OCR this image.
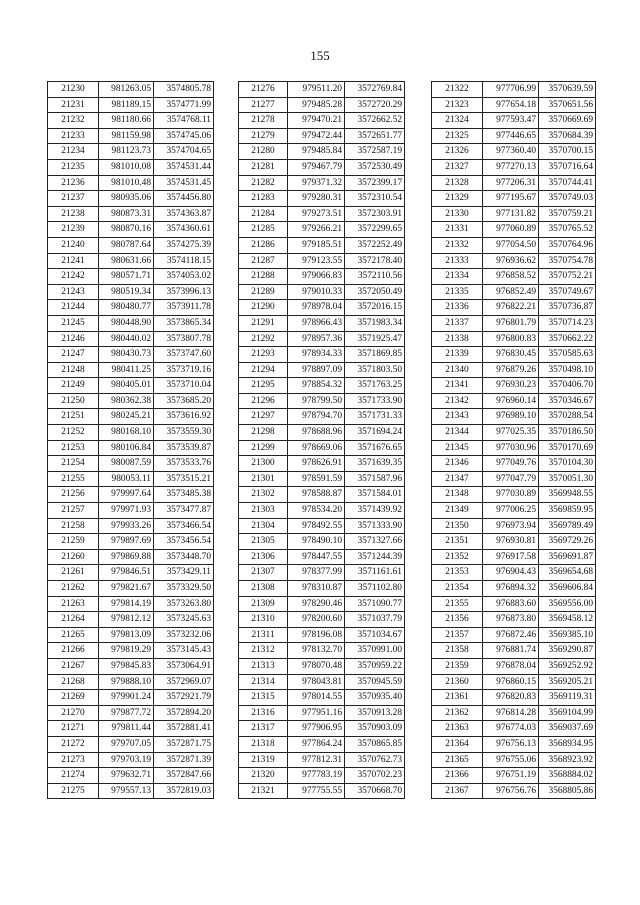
155
21230	981263.05	3574805.78
21231	981189.15	3574771.99
21232	981180.66	3574768.11
21233	981159.98	3574745.06
21234	981123.73	3574704.65
21235	981010.08	3574531.44
21236	981010.48	3574531.45
21237	980935.06	3574456.80
21238	980873.31	3574363.87
21239	980870.16	3574360.61
21240	980787.64	3574275.39
21241	980631.66	3574118.15
21242	980571.71	3574053.02
21243	980519.34	3573996.13
21244	980480.77	3573911.78
21245	980448.90	3573865.34
21246	980440.02	3573807.78
21247	980430.73	3573747.60
21248	980411.25	3573719.16
21249	980405.01	3573710.04
21250	980362.38	3573685.20
21251	980245.21	3573616.92
21252	980168.10	3573559.30
21253	980106.84	3573539.87
21254	980087.59	3573533.76
21255	980053.11	3573515.21
21256	979997.64	3573485.38
21257	979971.93	3573477.87
21258	979933.26	3573466.54
21259	979897.69	3573456.54
21260	979869.88	3573448.70
21261	979846.51	3573429.11
21262	979821.67	3573329.50
21263	979814.19	3573263.80
21264	979812.12	3573245.63
21265	979813.09	3573232.06
21266	979819.29	3573145.43
21267	979845.83	3573064.91
21268	979888.10	3572969.07
21269	979901.24	3572921.79
21270	979877.72	3572894.20
21271	979811.44	3572881.41
21272	979707.05	3572871.75
21273	979703.19	3572871.39
21274	979632.71	3572847.66
21275	979557.13	3572819.03
21276	979511.20	3572769.84
21277	979485.28	3572720.29
21278	979470.21	3572662.52
21279	979472.44	3572651.77
21280	979485.84	3572587.19
21281	979467.79	3572530.49
21282	979371.32	3572399.17
21283	979280.31	3572310.54
21284	979273.51	3572303.91
21285	979266.21	3572299.65
21286	979185.51	3572252.49
21287	979123.55	3572178.40
21288	979066.83	3572110.56
21289	979010.33	3572050.49
21290	978978.04	3572016.15
21291	978966.43	3571983.34
21292	978957.36	3571925.47
21293	978934.33	3571869.85
21294	978897.09	3571803.50
21295	978854.32	3571763.25
21296	978799.50	3571733.90
21297	978794.70	3571731.33
21298	978688.96	3571694.24
21299	978669.06	3571676.65
21300	978626.91	3571639.35
21301	978591.59	3571587.96
21302	978588.87	3571584.01
21303	978534.20	3571439.92
21304	978492.55	3571333.90
21305	978490.10	3571327.66
21306	978447.55	3571244.39
21307	978377.99	3571161.61
21308	978310.87	3571102.80
21309	978290.46	3571090.77
21310	978200.60	3571037.79
21311	978196.08	3571034.67
21312	978132.70	3570991.00
21313	978070.48	3570959.22
21314	978043.81	3570945.59
21315	978014.55	3570935.40
21316	977951.16	3570913.28
21317	977906.95	3570903.09
21318	977864.24	3570865.85
21319	977812.31	3570762.73
21320	977783.19	3570702.23
21321	977755.55	3570668.70
21322	977706.99	3570639.59
21323	977654.18	3570651.56
21324	977593.47	3570669.69
21325	977446.65	3570684.39
21326	977360.40	3570700.15
21327	977270.13	3570716.64
21328	977206.31	3570744.41
21329	977195.67	3570749.03
21330	977131.82	3570759.21
21331	977060.89	3570765.52
21332	977054.50	3570764.96
21333	976936.62	3570754.78
21334	976858.52	3570752.21
21335	976852.49	3570749.67
21336	976822.21	3570736.87
21337	976801.79	3570714.23
21338	976800.83	3570662.22
21339	976830.45	3570585.63
21340	976879.26	3570498.10
21341	976930.23	3570406.70
21342	976960.14	3570346.67
21343	976989.10	3570288.54
21344	977025.35	3570186.50
21345	977030.96	3570170.69
21346	977049.76	3570104.30
21347	977047.79	3570051.30
21348	977030.89	3569948.55
21349	977006.25	3569859.95
21350	976973.94	3569789.49
21351	976930.81	3569729.26
21352	976917.58	3569691.87
21353	976904.43	3569654.68
21354	976894.32	3569606.84
21355	976883.60	3569556.00
21356	976873.80	3569458.12
21357	976872.46	3569385.10
21358	976881.74	3569290.87
21359	976878.04	3569252.92
21360	976860.15	3569205.21
21361	976820.83	3569119.31
21362	976814.28	3569104.99
21363	976774.03	3569037.69
21364	976756.13	3568934.95
21365	976755.06	3568923.92
21366	976751.19	3568884.02
21367	976756.76	3568805.86
